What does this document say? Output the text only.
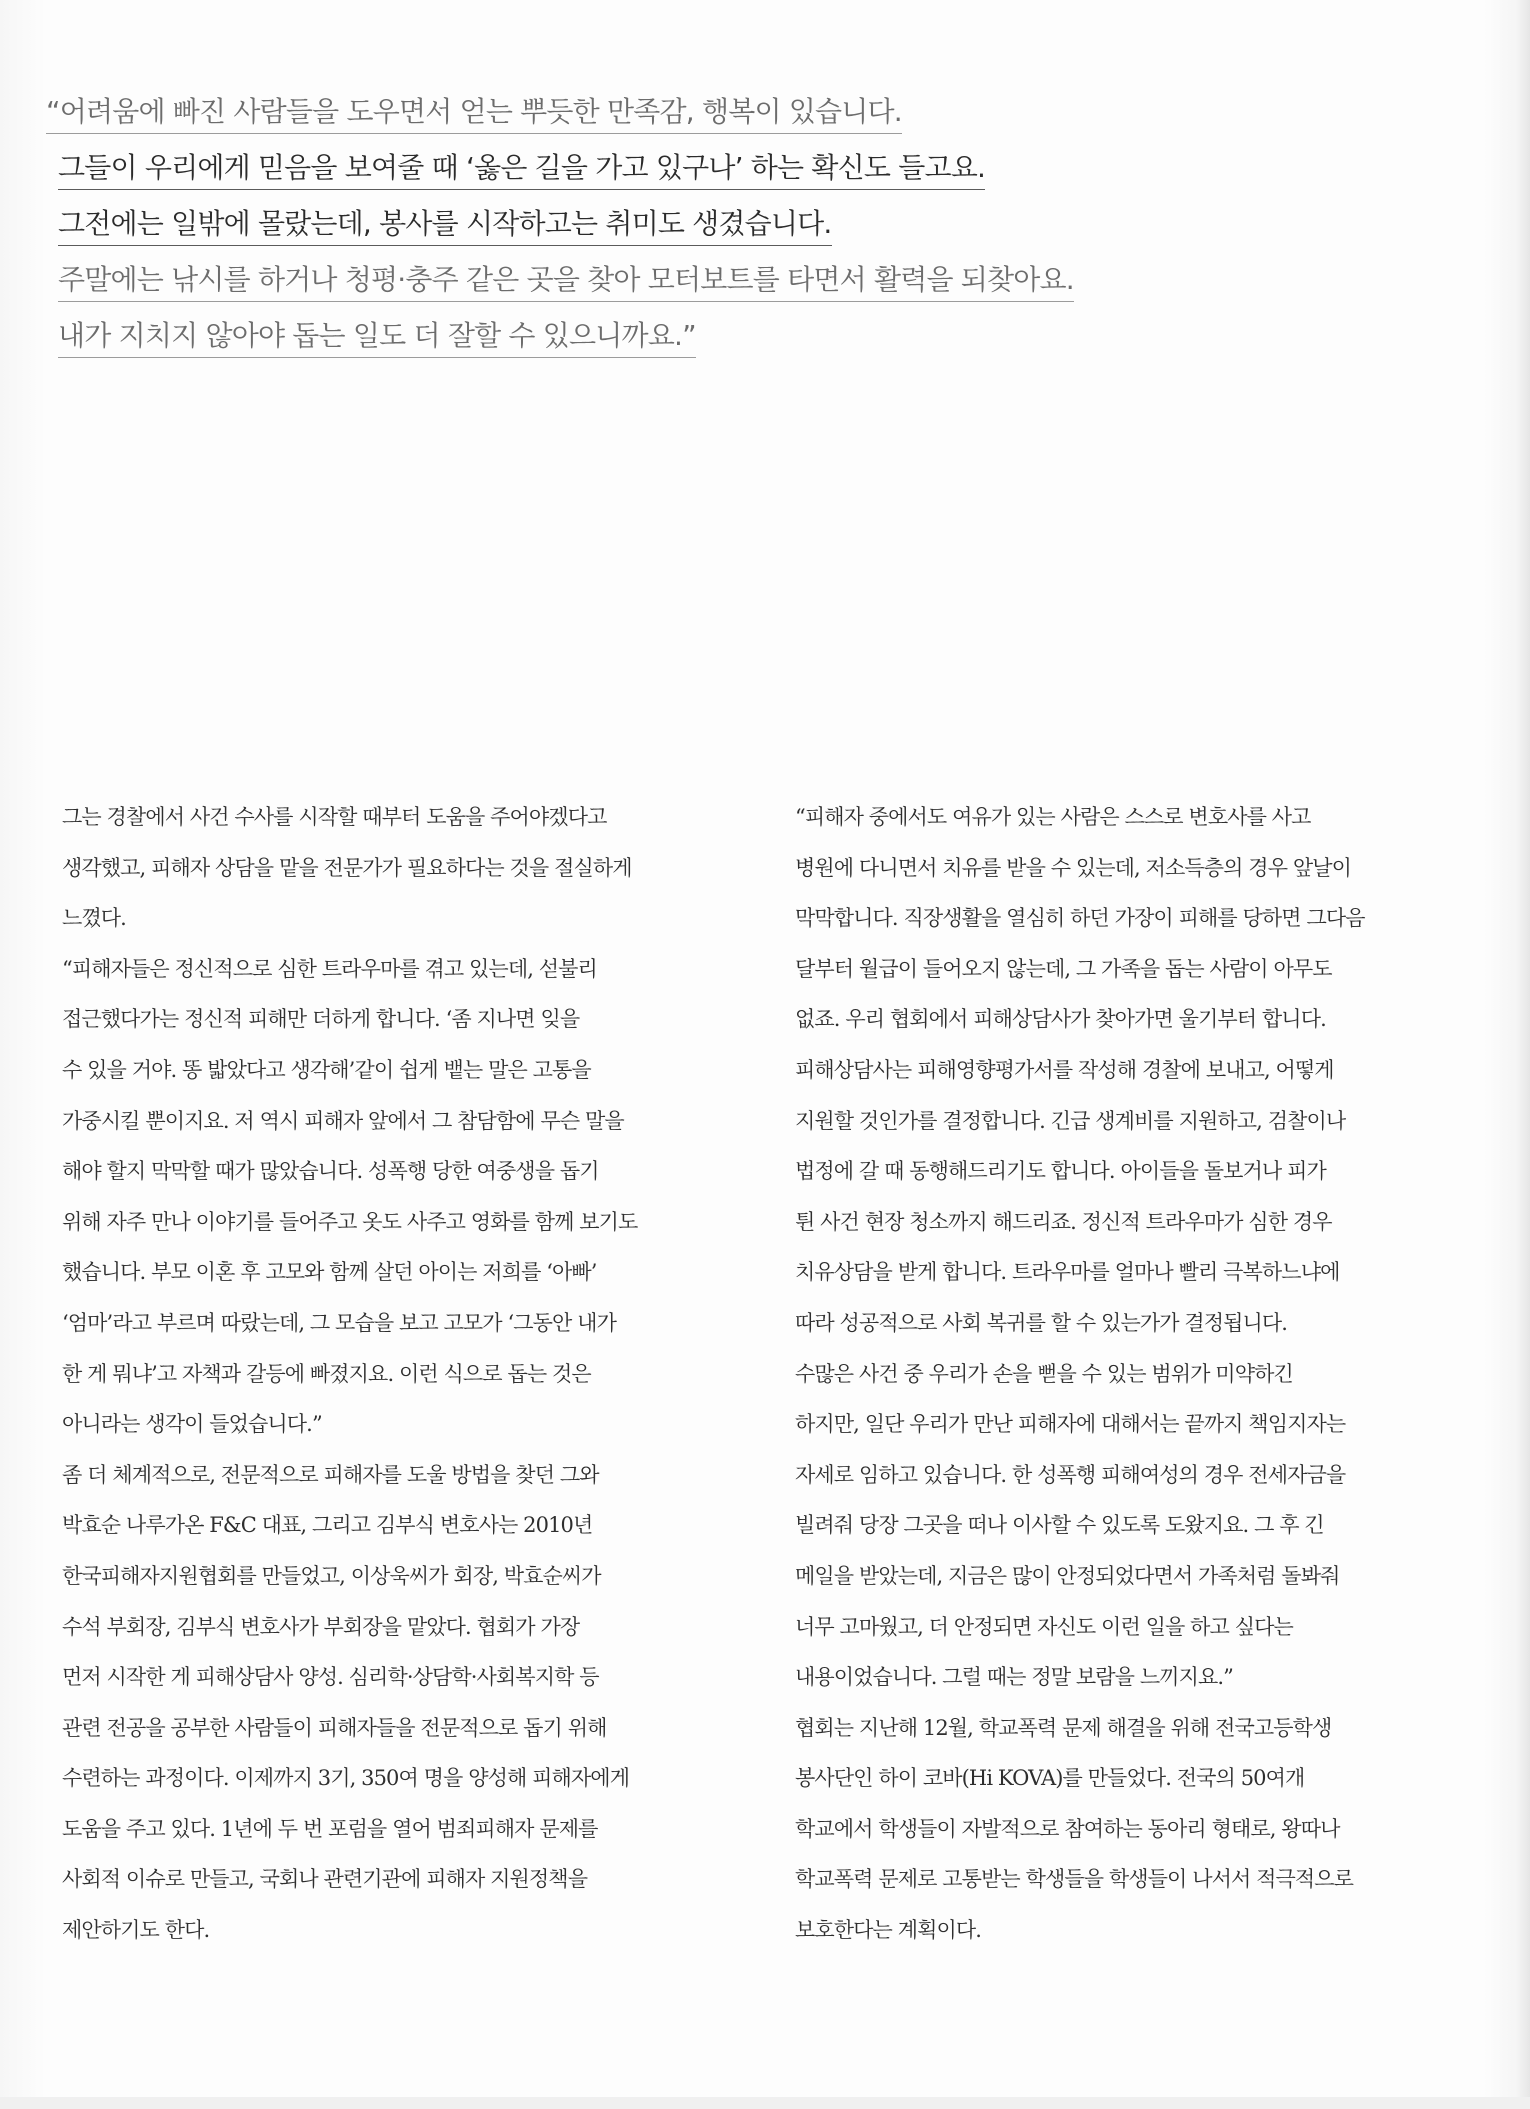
“어려움에 빠진 사람들을 도우면서 얻는 뿌듯한 만족감, 행복이 있습니다.
그들이 우리에게 믿음을 보여줄 때 ‘옳은 길을 가고 있구나’ 하는 확신도 들고요.
그전에는 일밖에 몰랐는데, 봉사를 시작하고는 취미도 생겼습니다.
주말에는 낚시를 하거나 청평·충주 같은 곳을 찾아 모터보트를 타면서 활력을 되찾아요.
내가 지치지 않아야 돕는 일도 더 잘할 수 있으니까요.”
그는 경찰에서 사건 수사를 시작할 때부터 도움을 주어야겠다고
생각했고, 피해자 상담을 맡을 전문가가 필요하다는 것을 절실하게
느꼈다.
“피해자들은 정신적으로 심한 트라우마를 겪고 있는데, 섣불리
접근했다가는 정신적 피해만 더하게 합니다. ‘좀 지나면 잊을
수 있을 거야. 똥 밟았다고 생각해’같이 쉽게 뱉는 말은 고통을
가중시킬 뿐이지요. 저 역시 피해자 앞에서 그 참담함에 무슨 말을
해야 할지 막막할 때가 많았습니다. 성폭행 당한 여중생을 돕기
위해 자주 만나 이야기를 들어주고 옷도 사주고 영화를 함께 보기도
했습니다. 부모 이혼 후 고모와 함께 살던 아이는 저희를 ‘아빠’
‘엄마’라고 부르며 따랐는데, 그 모습을 보고 고모가 ‘그동안 내가
한 게 뭐냐’고 자책과 갈등에 빠졌지요. 이런 식으로 돕는 것은
아니라는 생각이 들었습니다.”
좀 더 체계적으로, 전문적으로 피해자를 도울 방법을 찾던 그와
박효순 나루가온 F&C 대표, 그리고 김부식 변호사는 2010년
한국피해자지원협회를 만들었고, 이상욱씨가 회장, 박효순씨가
수석 부회장, 김부식 변호사가 부회장을 맡았다. 협회가 가장
먼저 시작한 게 피해상담사 양성. 심리학·상담학·사회복지학 등
관련 전공을 공부한 사람들이 피해자들을 전문적으로 돕기 위해
수련하는 과정이다. 이제까지 3기, 350여 명을 양성해 피해자에게
도움을 주고 있다. 1년에 두 번 포럼을 열어 범죄피해자 문제를
사회적 이슈로 만들고, 국회나 관련기관에 피해자 지원정책을
제안하기도 한다.
“피해자 중에서도 여유가 있는 사람은 스스로 변호사를 사고
병원에 다니면서 치유를 받을 수 있는데, 저소득층의 경우 앞날이
막막합니다. 직장생활을 열심히 하던 가장이 피해를 당하면 그다음
달부터 월급이 들어오지 않는데, 그 가족을 돕는 사람이 아무도
없죠. 우리 협회에서 피해상담사가 찾아가면 울기부터 합니다.
피해상담사는 피해영향평가서를 작성해 경찰에 보내고, 어떻게
지원할 것인가를 결정합니다. 긴급 생계비를 지원하고, 검찰이나
법정에 갈 때 동행해드리기도 합니다. 아이들을 돌보거나 피가
튄 사건 현장 청소까지 해드리죠. 정신적 트라우마가 심한 경우
치유상담을 받게 합니다. 트라우마를 얼마나 빨리 극복하느냐에
따라 성공적으로 사회 복귀를 할 수 있는가가 결정됩니다.
수많은 사건 중 우리가 손을 뻗을 수 있는 범위가 미약하긴
하지만, 일단 우리가 만난 피해자에 대해서는 끝까지 책임지자는
자세로 임하고 있습니다. 한 성폭행 피해여성의 경우 전세자금을
빌려줘 당장 그곳을 떠나 이사할 수 있도록 도왔지요. 그 후 긴
메일을 받았는데, 지금은 많이 안정되었다면서 가족처럼 돌봐줘
너무 고마웠고, 더 안정되면 자신도 이런 일을 하고 싶다는
내용이었습니다. 그럴 때는 정말 보람을 느끼지요.”
협회는 지난해 12월, 학교폭력 문제 해결을 위해 전국고등학생
봉사단인 하이 코바(Hi KOVA)를 만들었다. 전국의 50여개
학교에서 학생들이 자발적으로 참여하는 동아리 형태로, 왕따나
학교폭력 문제로 고통받는 학생들을 학생들이 나서서 적극적으로
보호한다는 계획이다.
